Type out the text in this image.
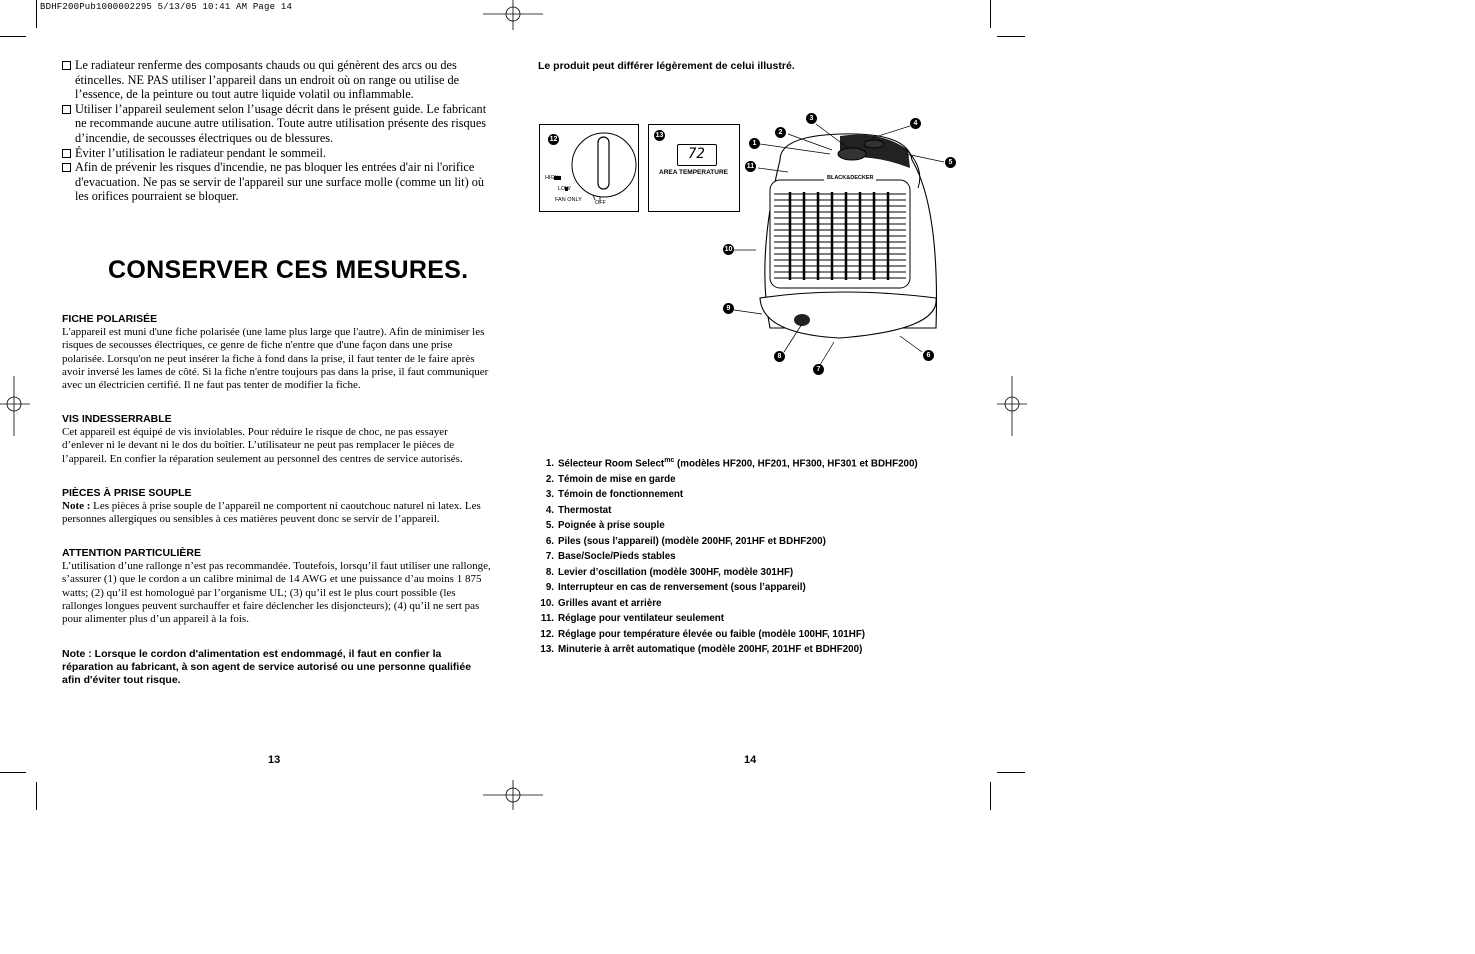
BDHF200Pub1000002295 5/13/05 10:41 AM Page 14
Le radiateur renferme des composants chauds ou qui génèrent des arcs ou des étincelles. NE PAS utiliser l’appareil dans un endroit où on range ou utilise de l’essence, de la peinture ou tout autre liquide volatil ou inflammable.
Utiliser l’appareil seulement selon l’usage décrit dans le présent guide. Le fabricant ne recommande aucune autre utilisation. Toute autre utilisation présente des risques d’incendie, de secousses électriques ou de blessures.
Éviter l’utilisation le radiateur pendant le sommeil.
Afin de prévenir les risques d'incendie, ne pas bloquer les entrées d'air ni l'orifice d'evacuation. Ne pas se servir de l'appareil sur une surface molle (comme un lit) où les orifices pourraient se bloquer.
CONSERVER CES MESURES.
FICHE POLARISÉE

L'appareil est muni d'une fiche polarisée (une lame plus large que l'autre). Afin de minimiser les risques de secousses électriques, ce genre de fiche n'entre que d'une façon dans une prise polarisée. Lorsqu'on ne peut insérer la fiche à fond dans la prise, il faut tenter de le faire après avoir inversé les lames de côté. Si la fiche n'entre toujours pas dans la prise, il faut communiquer avec un électricien certifié. Il ne faut pas tenter de modifier la fiche.

VIS INDESSERRABLE

Cet appareil est équipé de vis inviolables. Pour réduire le risque de choc, ne pas essayer d’enlever ni le devant ni le dos du boîtier. L’utilisateur ne peut pas remplacer le pièces de l’appareil. En confier la réparation seulement au personnel des centres de service autorisés.

PIÈCES À PRISE SOUPLE

Note : Les pièces à prise souple de l’appareil ne comportent ni caoutchouc naturel ni latex. Les personnes allergiques ou sensibles à ces matières peuvent donc se servir de l’appareil.

ATTENTION PARTICULIÈRE

L’utilisation d’une rallonge n’est pas recommandée. Toutefois, lorsqu’il faut utiliser une rallonge, s’assurer (1) que le cordon a un calibre minimal de 14 AWG et une puissance d’au moins 1 875 watts; (2) qu’il est homologué par l’organisme UL; (3) qu’il est le plus court possible (les rallonges longues peuvent surchauffer et faire déclencher les disjoncteurs); (4) qu’il ne sert pas pour alimenter plus d’un appareil à la fois.

Note : Lorsque le cordon d'alimentation est endommagé, il faut en confier la réparation au fabricant, à son agent de service autorisé ou une personne qualifiée afin d'éviter tout risque.
13
Le produit peut différer légèrement de celui illustré.
12
HIGH
LOW
FAN ONLY OFF
13
72
AREA TEMPERATURE
BLACK&DECKER
1
2
3
4
5
6
7
8
9
10
11
1. Sélecteur Room Select$^{mc}$ (modèles HF200, HF201, HF300, HF301 et BDHF200)
2. Témoin de mise en garde
3. Témoin de fonctionnement
4. Thermostat
5. Poignée à prise souple
6. Piles (sous l’appareil) (modèle 200HF, 201HF et BDHF200)
7. Base/Socle/Pieds stables
8. Levier d’oscillation (modèle 300HF, modèle 301HF)
9. Interrupteur en cas de renversement (sous l’appareil)
10. Grilles avant et arrière
11. Réglage pour ventilateur seulement
12. Réglage pour température élevée ou faible (modèle 100HF, 101HF)
13. Minuterie à arrêt automatique (modèle 200HF, 201HF et BDHF200)
14
